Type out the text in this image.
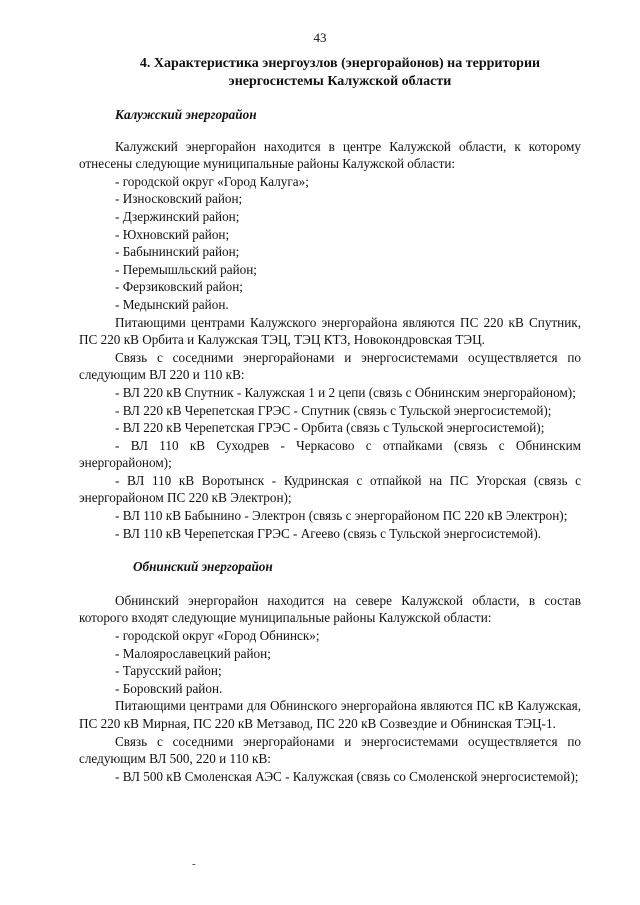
43
4. Характеристика энергоузлов (энергорайонов) на территории
энергосистемы Калужской области

Калужский энергорайон

Калужский энергорайон находится в центре Калужской области, к которому отнесены следующие муниципальные районы Калужской области:

- городской округ «Город Калуга»;
- Износковский район;
- Дзержинский район;
- Юхновский район;
- Бабынинский район;
- Перемышльский район;
- Ферзиковский район;
- Медынский район.

Питающими центрами Калужского энергорайона являются ПС 220 кВ Спутник, ПС 220 кВ Орбита и Калужская ТЭЦ, ТЭЦ КТЗ, Новокондровская ТЭЦ.

Связь с соседними энергорайонами и энергосистемами осуществляется по следующим ВЛ 220 и 110 кВ:

- ВЛ 220 кВ Спутник - Калужская 1 и 2 цепи (связь с Обнинским энергорайоном);

- ВЛ 220 кВ Черепетская ГРЭС - Спутник (связь с Тульской энергосистемой);

- ВЛ 220 кВ Черепетская ГРЭС - Орбита (связь с Тульской энергосистемой);

- ВЛ 110 кВ Суходрев - Черкасово с отпайками (связь с Обнинским энергорайоном);

- ВЛ 110 кВ Воротынск - Кудринская с отпайкой на ПС Угорская (связь с энергорайоном ПС 220 кВ Электрон);

- ВЛ 110 кВ Бабынино - Электрон (связь с энергорайоном ПС 220 кВ Электрон);

- ВЛ 110 кВ Черепетская ГРЭС - Агеево (связь с Тульской энергосистемой).

Обнинский энергорайон

Обнинский энергорайон находится на севере Калужской области, в состав которого входят следующие муниципальные районы Калужской области:

- городской округ «Город Обнинск»;
- Малоярославецкий район;
- Тарусский район;
- Боровский район.

Питающими центрами для Обнинского энергорайона являются ПС кВ Калужская, ПС 220 кВ Мирная, ПС 220 кВ Метзавод, ПС 220 кВ Созвездие и Обнинская ТЭЦ-1.

Связь с соседними энергорайонами и энергосистемами осуществляется по следующим ВЛ 500, 220 и 110 кВ:

- ВЛ 500 кВ Смоленская АЭС - Калужская (связь со Смоленской энергосистемой);

-
